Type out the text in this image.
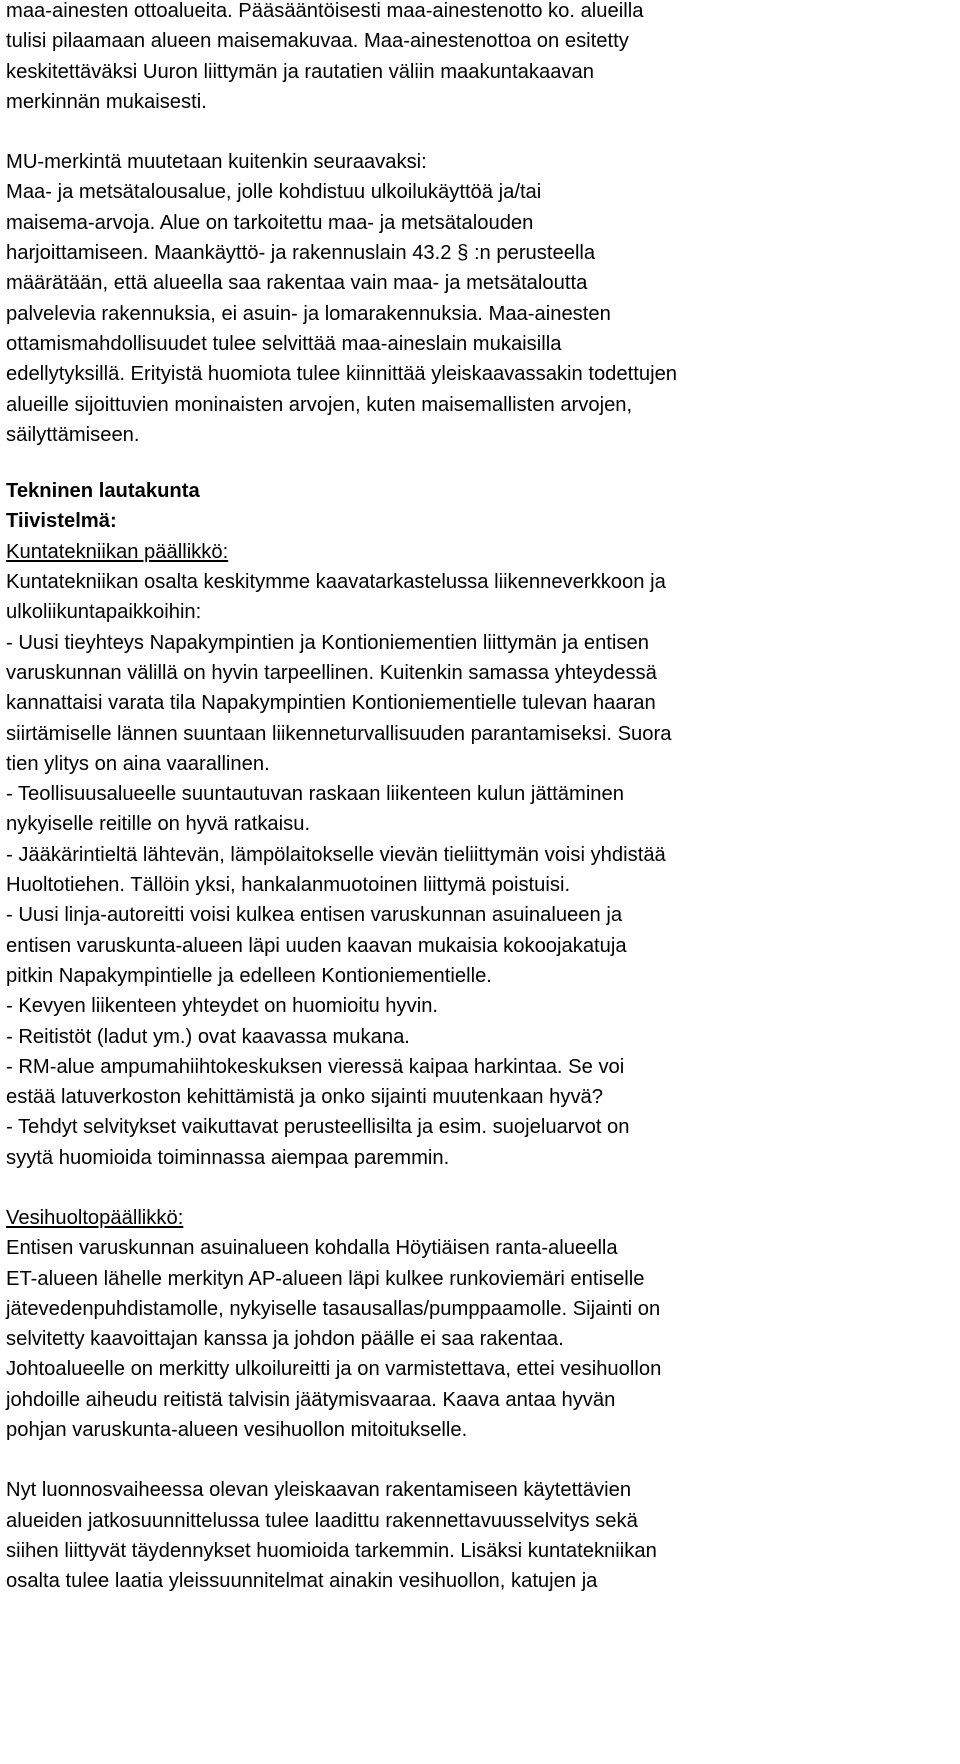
maa-ainesten ottoalueita. Pääsääntöisesti maa-ainestenotto ko. alueilla
tulisi pilaamaan alueen maisemakuvaa. Maa-ainestenottoa on esitetty
keskitettäväksi Uuron liittymän ja rautatien väliin maakuntakaavan
merkinnän mukaisesti.

MU-merkintä muutetaan kuitenkin seuraavaksi:
Maa- ja metsätalousalue, jolle kohdistuu ulkoilukäyttöä ja/tai
maisema-arvoja. Alue on tarkoitettu maa- ja metsätalouden
harjoittamiseen. Maankäyttö- ja rakennuslain 43.2 § :n perusteella
määrätään, että alueella saa rakentaa vain maa- ja metsätaloutta
palvelevia rakennuksia, ei asuin- ja lomarakennuksia. Maa-ainesten
ottamismahdollisuudet tulee selvittää maa-aineslain mukaisilla
edellytyksillä. Erityistä huomiota tulee kiinnittää yleiskaavassakin todettujen
alueille sijoittuvien moninaisten arvojen, kuten maisemallisten arvojen,
säilyttämiseen.

Tekninen lautakunta
Tiivistelmä:
Kuntatekniikan päällikkö:
Kuntatekniikan osalta keskitymme kaavatarkastelussa liikenneverkkoon ja
ulkoliikuntapaikkoihin:
- Uusi tieyhteys Napakympintien ja Kontioniementien liittymän ja entisen
varuskunnan välillä on hyvin tarpeellinen. Kuitenkin samassa yhteydessä
kannattaisi varata tila Napakympintien Kontioniementielle tulevan haaran
siirtämiselle lännen suuntaan liikenneturvallisuuden parantamiseksi. Suora
tien ylitys on aina vaarallinen.
- Teollisuusalueelle suuntautuvan raskaan liikenteen kulun jättäminen
nykyiselle reitille on hyvä ratkaisu.
- Jääkärintieltä lähtevän, lämpölaitokselle vievän tieliittymän voisi yhdistää
Huoltotiehen. Tällöin yksi, hankalanmuotoinen liittymä poistuisi.
- Uusi linja-autoreitti voisi kulkea entisen varuskunnan asuinalueen ja
entisen varuskunta-alueen läpi uuden kaavan mukaisia kokoojakatuja
pitkin Napakympintielle ja edelleen Kontioniementielle.
- Kevyen liikenteen yhteydet on huomioitu hyvin.
- Reitistöt (ladut ym.) ovat kaavassa mukana.
- RM-alue ampumahiihtokeskuksen vieressä kaipaa harkintaa. Se voi
estää latuverkoston kehittämistä ja onko sijainti muutenkaan hyvä?
- Tehdyt selvitykset vaikuttavat perusteellisilta ja esim. suojeluarvot on
syytä huomioida toiminnassa aiempaa paremmin.

Vesihuoltopäällikkö:
Entisen varuskunnan asuinalueen kohdalla Höytiäisen ranta-alueella
ET-alueen lähelle merkityn AP-alueen läpi kulkee runkoviemäri entiselle
jätevedenpuhdistamolle, nykyiselle tasausallas/pumppaamolle. Sijainti on
selvitetty kaavoittajan kanssa ja johdon päälle ei saa rakentaa.
Johtoalueelle on merkitty ulkoilureitti ja on varmistettava, ettei vesihuollon
johdoille aiheudu reitistä talvisin jäätymisvaaraa. Kaava antaa hyvän
pohjan varuskunta-alueen vesihuollon mitoitukselle.

Nyt luonnosvaiheessa olevan yleiskaavan rakentamiseen käytettävien
alueiden jatkosuunnittelussa tulee laadittu rakennettavuusselvitys sekä
siihen liittyvät täydennykset huomioida tarkemmin. Lisäksi kuntatekniikan
osalta tulee laatia yleissuunnitelmat ainakin vesihuollon, katujen ja
